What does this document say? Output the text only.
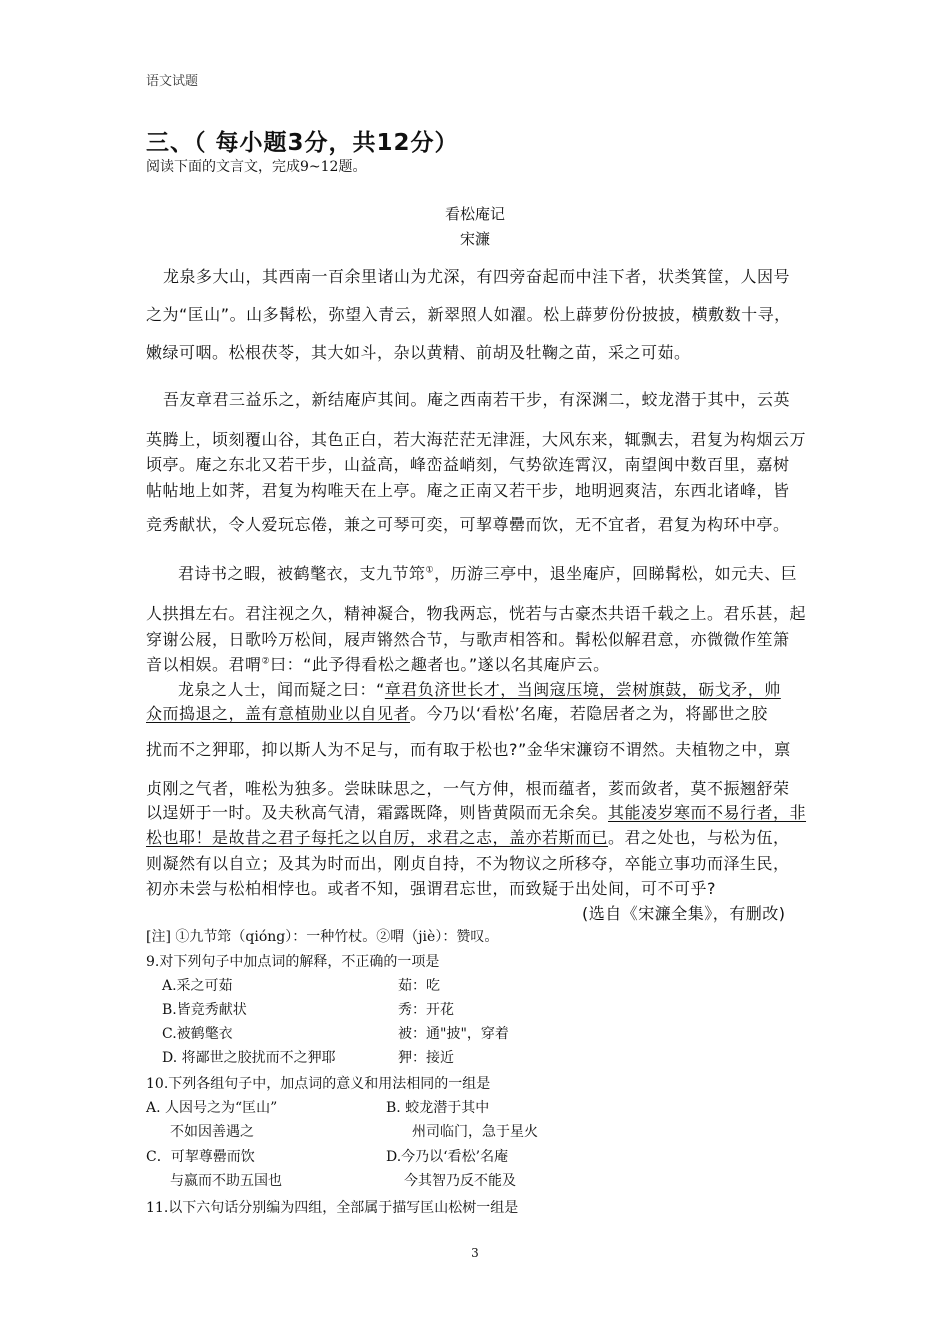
语文试题
三、（ 每小题3分，共12分）
阅读下面的文言文，完成9~12题。
看松庵记
宋濂
龙泉多大山，其西南一百余里诸山为尤深，有四旁奋起而中洼下者，状类箕筐，人因号
之为“匡山”。山多髯松，弥望入青云，新翠照人如濯。松上薜萝份份披披，横敷数十寻，
嫩绿可咽。松根茯苓，其大如斗，杂以黄精、前胡及牡鞠之苗，采之可茹。
吾友章君三益乐之，新结庵庐其间。庵之西南若干步，有深渊二，蛟龙潜于其中，云英
英腾上，顷刻覆山谷，其色正白，若大海茫茫无津涯，大风东来，辄飘去，君复为构烟云万
顷亭。庵之东北又若干步，山益高，峰峦益峭刻，气势欲连霄汉，南望闽中数百里，嘉树
帖帖地上如荠，君复为构唯天在上亭。庵之正南又若干步，地明迥爽洁，东西北诸峰，皆
竞秀献状，令人爱玩忘倦，兼之可琴可奕，可挈尊罍而饮，无不宜者，君复为构环中亭。
君诗书之暇，被鹤氅衣，支九节筇①，历游三亭中，退坐庵庐，回睇髯松，如元夫、巨
人拱揖左右。君注视之久，精神凝合，物我两忘，恍若与古豪杰共语千载之上。君乐甚，起
穿谢公屐，日歌吟万松间，屐声锵然合节，与歌声相答和。髯松似解君意，亦微微作笙箫
音以相娱。君喟②曰：“此予得看松之趣者也。”遂以名其庵庐云。
龙泉之人士，闻而疑之曰：“章君负济世长才，当闽寇压境，尝树旗鼓，砺戈矛，帅
众而捣退之，盖有意植勋业以自见者。今乃以‘看松’名庵，若隐居者之为，将鄙世之胶
扰而不之狎耶，抑以斯人为不足与，而有取于松也?”金华宋濂窃不谓然。夫植物之中，禀
贞刚之气者，唯松为独多。尝昧昧思之，一气方伸，根而蕴者，荄而敛者，莫不振翘舒荣
以逞妍于一时。及夫秋高气清，霜露既降，则皆黄陨而无余矣。其能凌岁寒而不易行者，非
松也耶！是故昔之君子每托之以自厉，求君之志，盖亦若斯而已。君之处也，与松为伍，
则凝然有以自立；及其为时而出，刚贞自持，不为物议之所移夺，卒能立事功而泽生民，
初亦未尝与松柏相悖也。或者不知，强谓君忘世，而致疑于出处间，可不可乎?
(选自《宋濂全集》，有删改)
[注] ①九节筇（qióng）：一种竹杖。②喟（jiè）：赞叹。
9.对下列句子中加点词的解释，不正确的一项是
A.采之可茹	茹：吃
B.皆竞秀献状	秀：开花
C.被鹤氅衣	被：通"披"，穿着
D. 将鄙世之胶扰而不之狎耶	狎：接近
10.下列各组句子中，加点词的意义和用法相同的一组是
A. 人因号之为“匡山”
不如因善遇之
B. 蛟龙潜于其中
州司临门，急于星火
C．可挈尊罍而饮
与嬴而不助五国也
D.今乃以‘看松’名庵
今其智乃反不能及
11.以下六句话分别编为四组，全部属于描写匡山松树一组是
3
